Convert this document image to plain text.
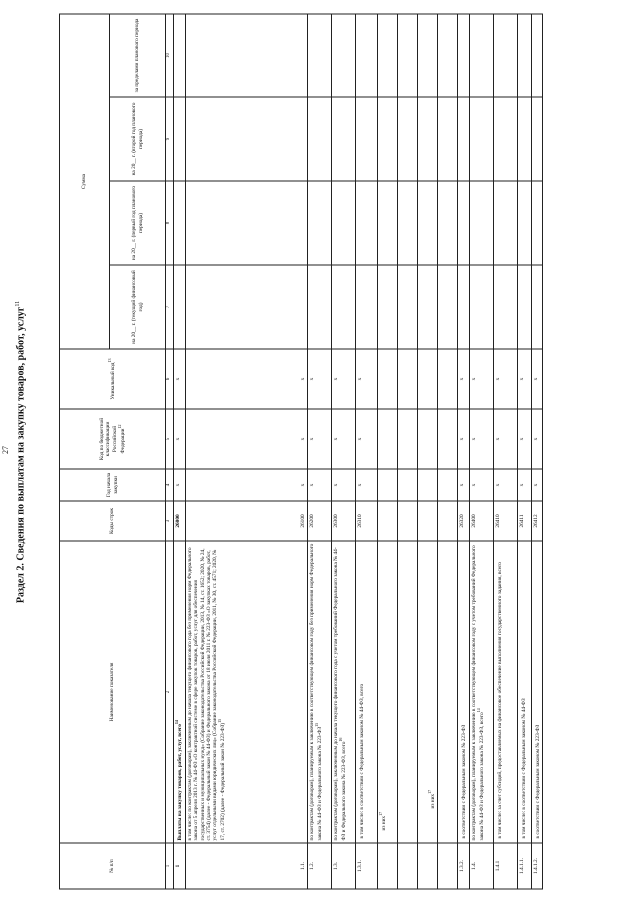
27 Раздел 2. Сведения по выплатам на закупку товаров, работ, услуг$^{11}$
№ п/п	Наименование показателя	Коды строк	Год начала закупки	Код по бюджетной классификации Российской Федерации$^{12}$	Уникальный код$^{13}$	Сумма			
						на 20__ г. (текущий финансовый год)	на 20__ г. (первый год планового периода)	на 20__ г. (второй год планового периода)	за пределами планового периода
1	2	3	4	5	6	7	8	9	10
1	Выплаты на закупку товаров, работ, услуг, всего$^{14}$	26000	x	x	x				
1.1.	в том числе: по контрактам (договорам), заключенным до начала текущего финансового года без применения норм Федерального закона от 5 апреля 2013 г. № 44-ФЗ «О контрактной системе в сфере закупок товаров, работ, услуг для обеспечения государственных и муниципальных нужд» (Собрание законодательства Российской Федерации, 2013, № 14, ст. 1652; 2020, № 24, ст. 3754) (далее - Федеральный закон № 44-ФЗ) и Федерального закона от 18 июля 2011 г. № 223-ФЗ «О закупках товаров, работ, услуг отдельными видами юридических лиц» (Собрание законодательства Российской Федерации, 2011, № 30, ст. 4571; 2020, № 17, ст. 2702) (далее - Федеральный закон № 223-ФЗ)$^{15}$	26100	x	x	x				
1.2.	по контрактам (договорам), планируемым к заключению в соответствующем финансовом году без применения норм Федерального закона № 44-ФЗ и Федерального закона № 223-ФЗ$^{15}$	26200	x	x	x				
1.3.	по контрактам (договорам), заключенным до начала текущего финансового года с учетом требований Федерального закона № 44-ФЗ и Федерального закона № 223-ФЗ, всего$^{16}$	26300	x	x	x				
1.3.1.	в том числе: в соответствии с Федеральным законом № 44-ФЗ, всего	26310	x	x	x				
	из них$^{17}$								

	из них$^{17}$								

1.3.2.	в соответствии с Федеральным законом № 223-ФЗ	26320	x	x	x				
1.4.	по контрактам (договорам), планируемым к заключению в соответствующем финансовом году с учетом требований Федерального закона № 44-ФЗ и Федерального закона № 223-ФЗ, всего$^{14}$	26400	x	x	x				
1.4.1	в том числе: за счет субсидий, предоставляемых на финансовое обеспечение выполнения государственного задания, всего	26410	x	x	x				
1.4.1.1.	в том числе: в соответствии с Федеральным законом № 44-ФЗ	26411	x	x	x				
1.4.1.2.	в соответствии с Федеральным законом № 223-ФЗ	26412	x	x	x				
